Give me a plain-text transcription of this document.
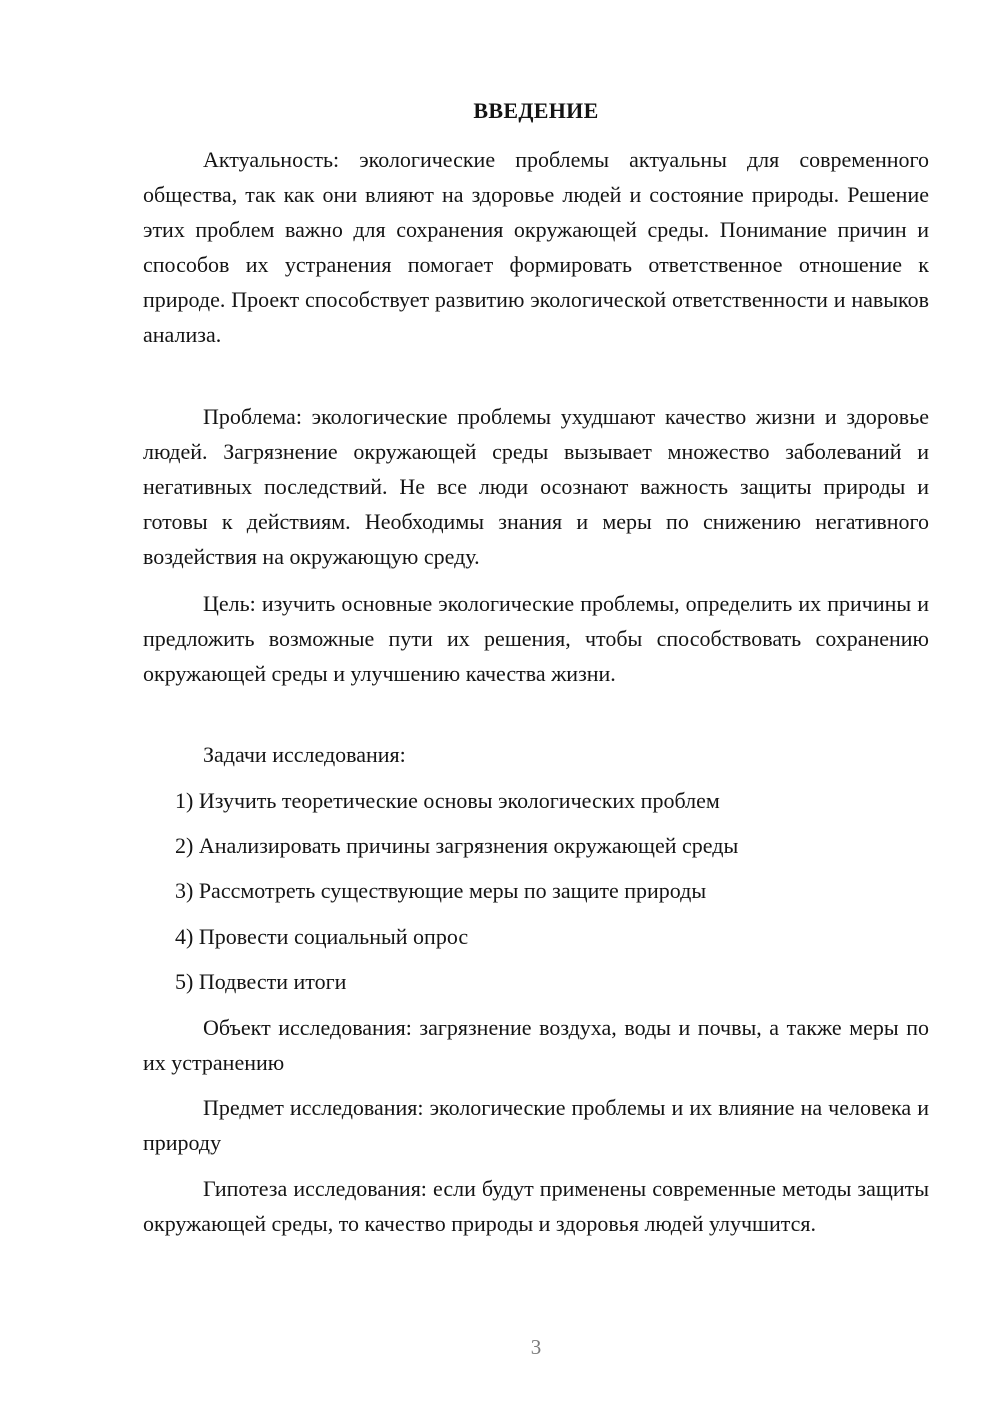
ВВЕДЕНИЕ

Актуальность: экологические проблемы актуальны для современного общества, так как они влияют на здоровье людей и состояние природы. Решение этих проблем важно для сохранения окружающей среды. Понимание причин и способов их устранения помогает формировать ответственное отношение к природе. Проект способствует развитию экологической ответственности и навыков анализа.

Проблема: экологические проблемы ухудшают качество жизни и здоровье людей. Загрязнение окружающей среды вызывает множество заболеваний и негативных последствий. Не все люди осознают важность защиты природы и готовы к действиям. Необходимы знания и меры по снижению негативного воздействия на окружающую среду.

Цель: изучить основные экологические проблемы, определить их причины и предложить возможные пути их решения, чтобы способствовать сохранению окружающей среды и улучшению качества жизни.

Задачи исследования:

1) Изучить теоретические основы экологических проблем

2) Анализировать причины загрязнения окружающей среды

3) Рассмотреть существующие меры по защите природы

4) Провести социальный опрос

5) Подвести итоги

Объект исследования: загрязнение воздуха, воды и почвы, а также меры по их устранению

Предмет исследования: экологические проблемы и их влияние на человека и природу

Гипотеза исследования: если будут применены современные методы защиты окружающей среды, то качество природы и здоровья людей улучшится.

3
